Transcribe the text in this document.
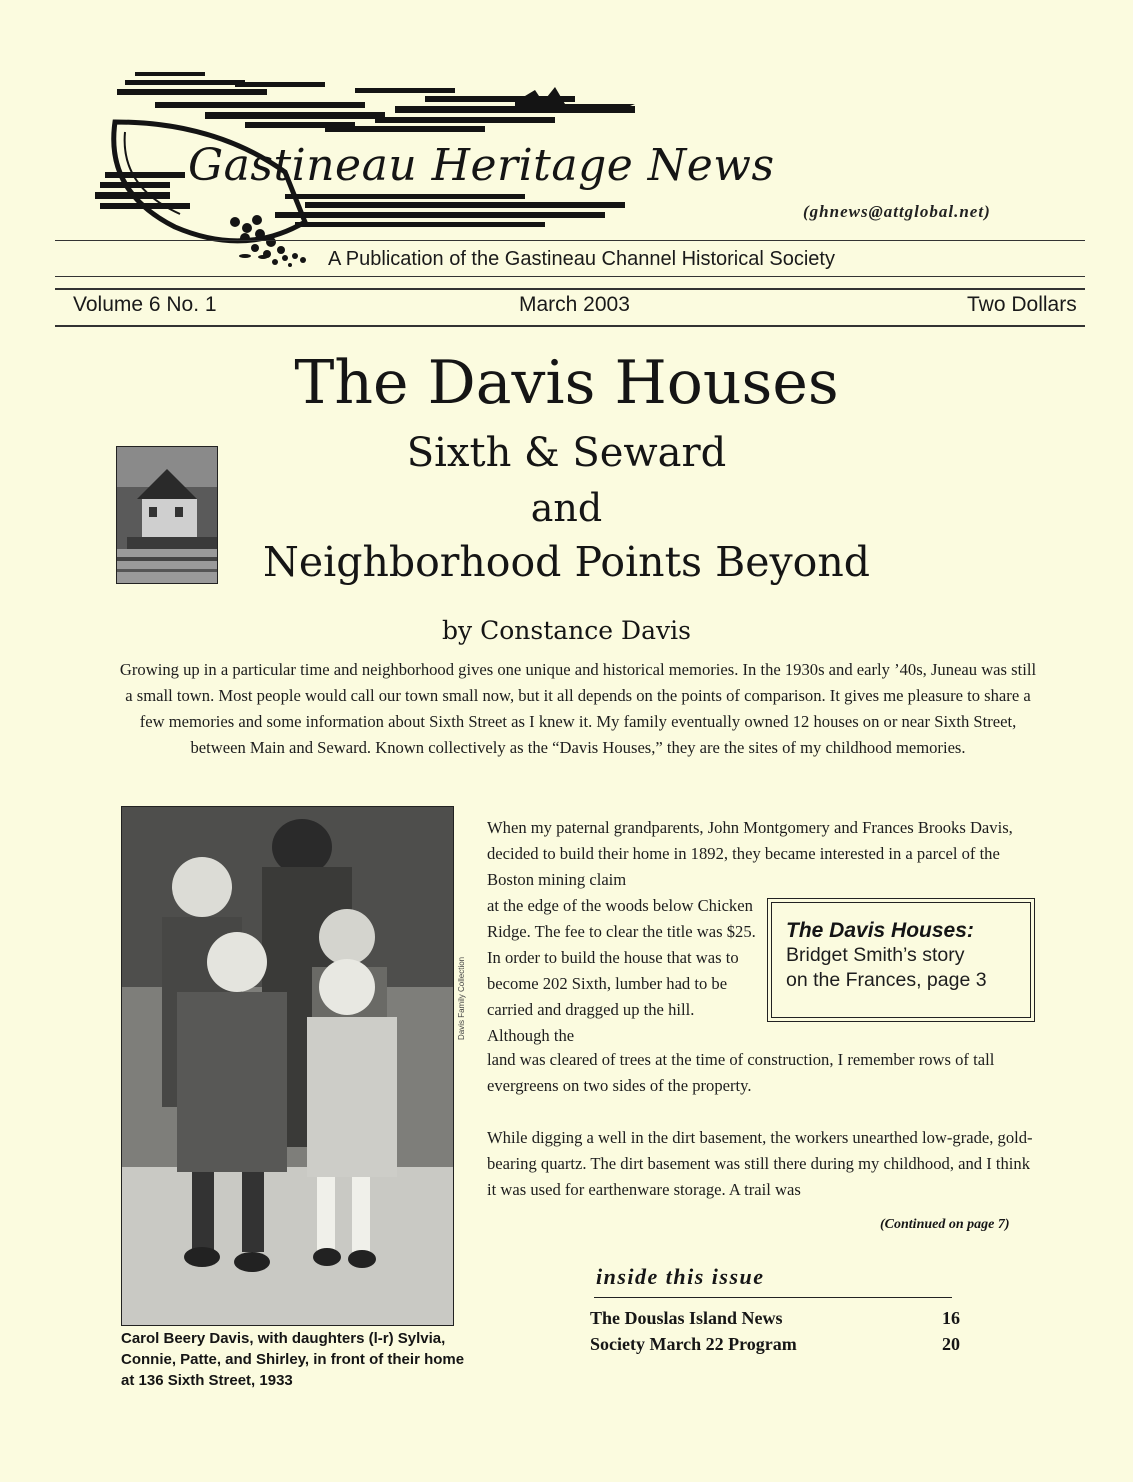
Gastineau Heritage News
(ghnews@attglobal.net)
A Publication of the Gastineau Channel Historical Society
Volume 6 No. 1	March 2003	Two Dollars
The Davis Houses
Sixth & Seward
and
Neighborhood Points Beyond
by Constance Davis
Growing up in a particular time and neighborhood gives one unique and historical memories. In the 1930s and early ’40s, Juneau was still a small town. Most people would call our town small now, but it all depends on the points of comparison. It gives me pleasure to share a few memories and some information about Sixth Street as I knew it. My family eventually owned 12 houses on or near Sixth Street, between Main and Seward. Known collectively as the “Davis Houses,” they are the sites of my childhood memories.
Davis Family Collection
Carol Beery Davis, with daughters (l-r) Sylvia, Connie, Patte, and Shirley, in front of their home at 136 Sixth Street, 1933
When my paternal grandparents, John Montgomery and Frances Brooks Davis, decided to build their home in 1892, they became interested in a parcel of the Boston mining claim
at the edge of the woods below Chicken Ridge. The fee to clear the title was $25. In order to build the house that was to become 202 Sixth, lumber had to be carried and dragged up the hill. Although the
land was cleared of trees at the time of construction, I remember rows of tall evergreens on two sides of the property.
While digging a well in the dirt basement, the workers unearthed low-grade, gold-bearing quartz. The dirt basement was still there during my childhood, and I think it was used for earthenware storage. A trail was
(Continued on page 7)
The Davis Houses:
Bridget Smith’s story
on the Frances, page 3
inside this issue
The Douslas Island News	16
Society March 22 Program	20
